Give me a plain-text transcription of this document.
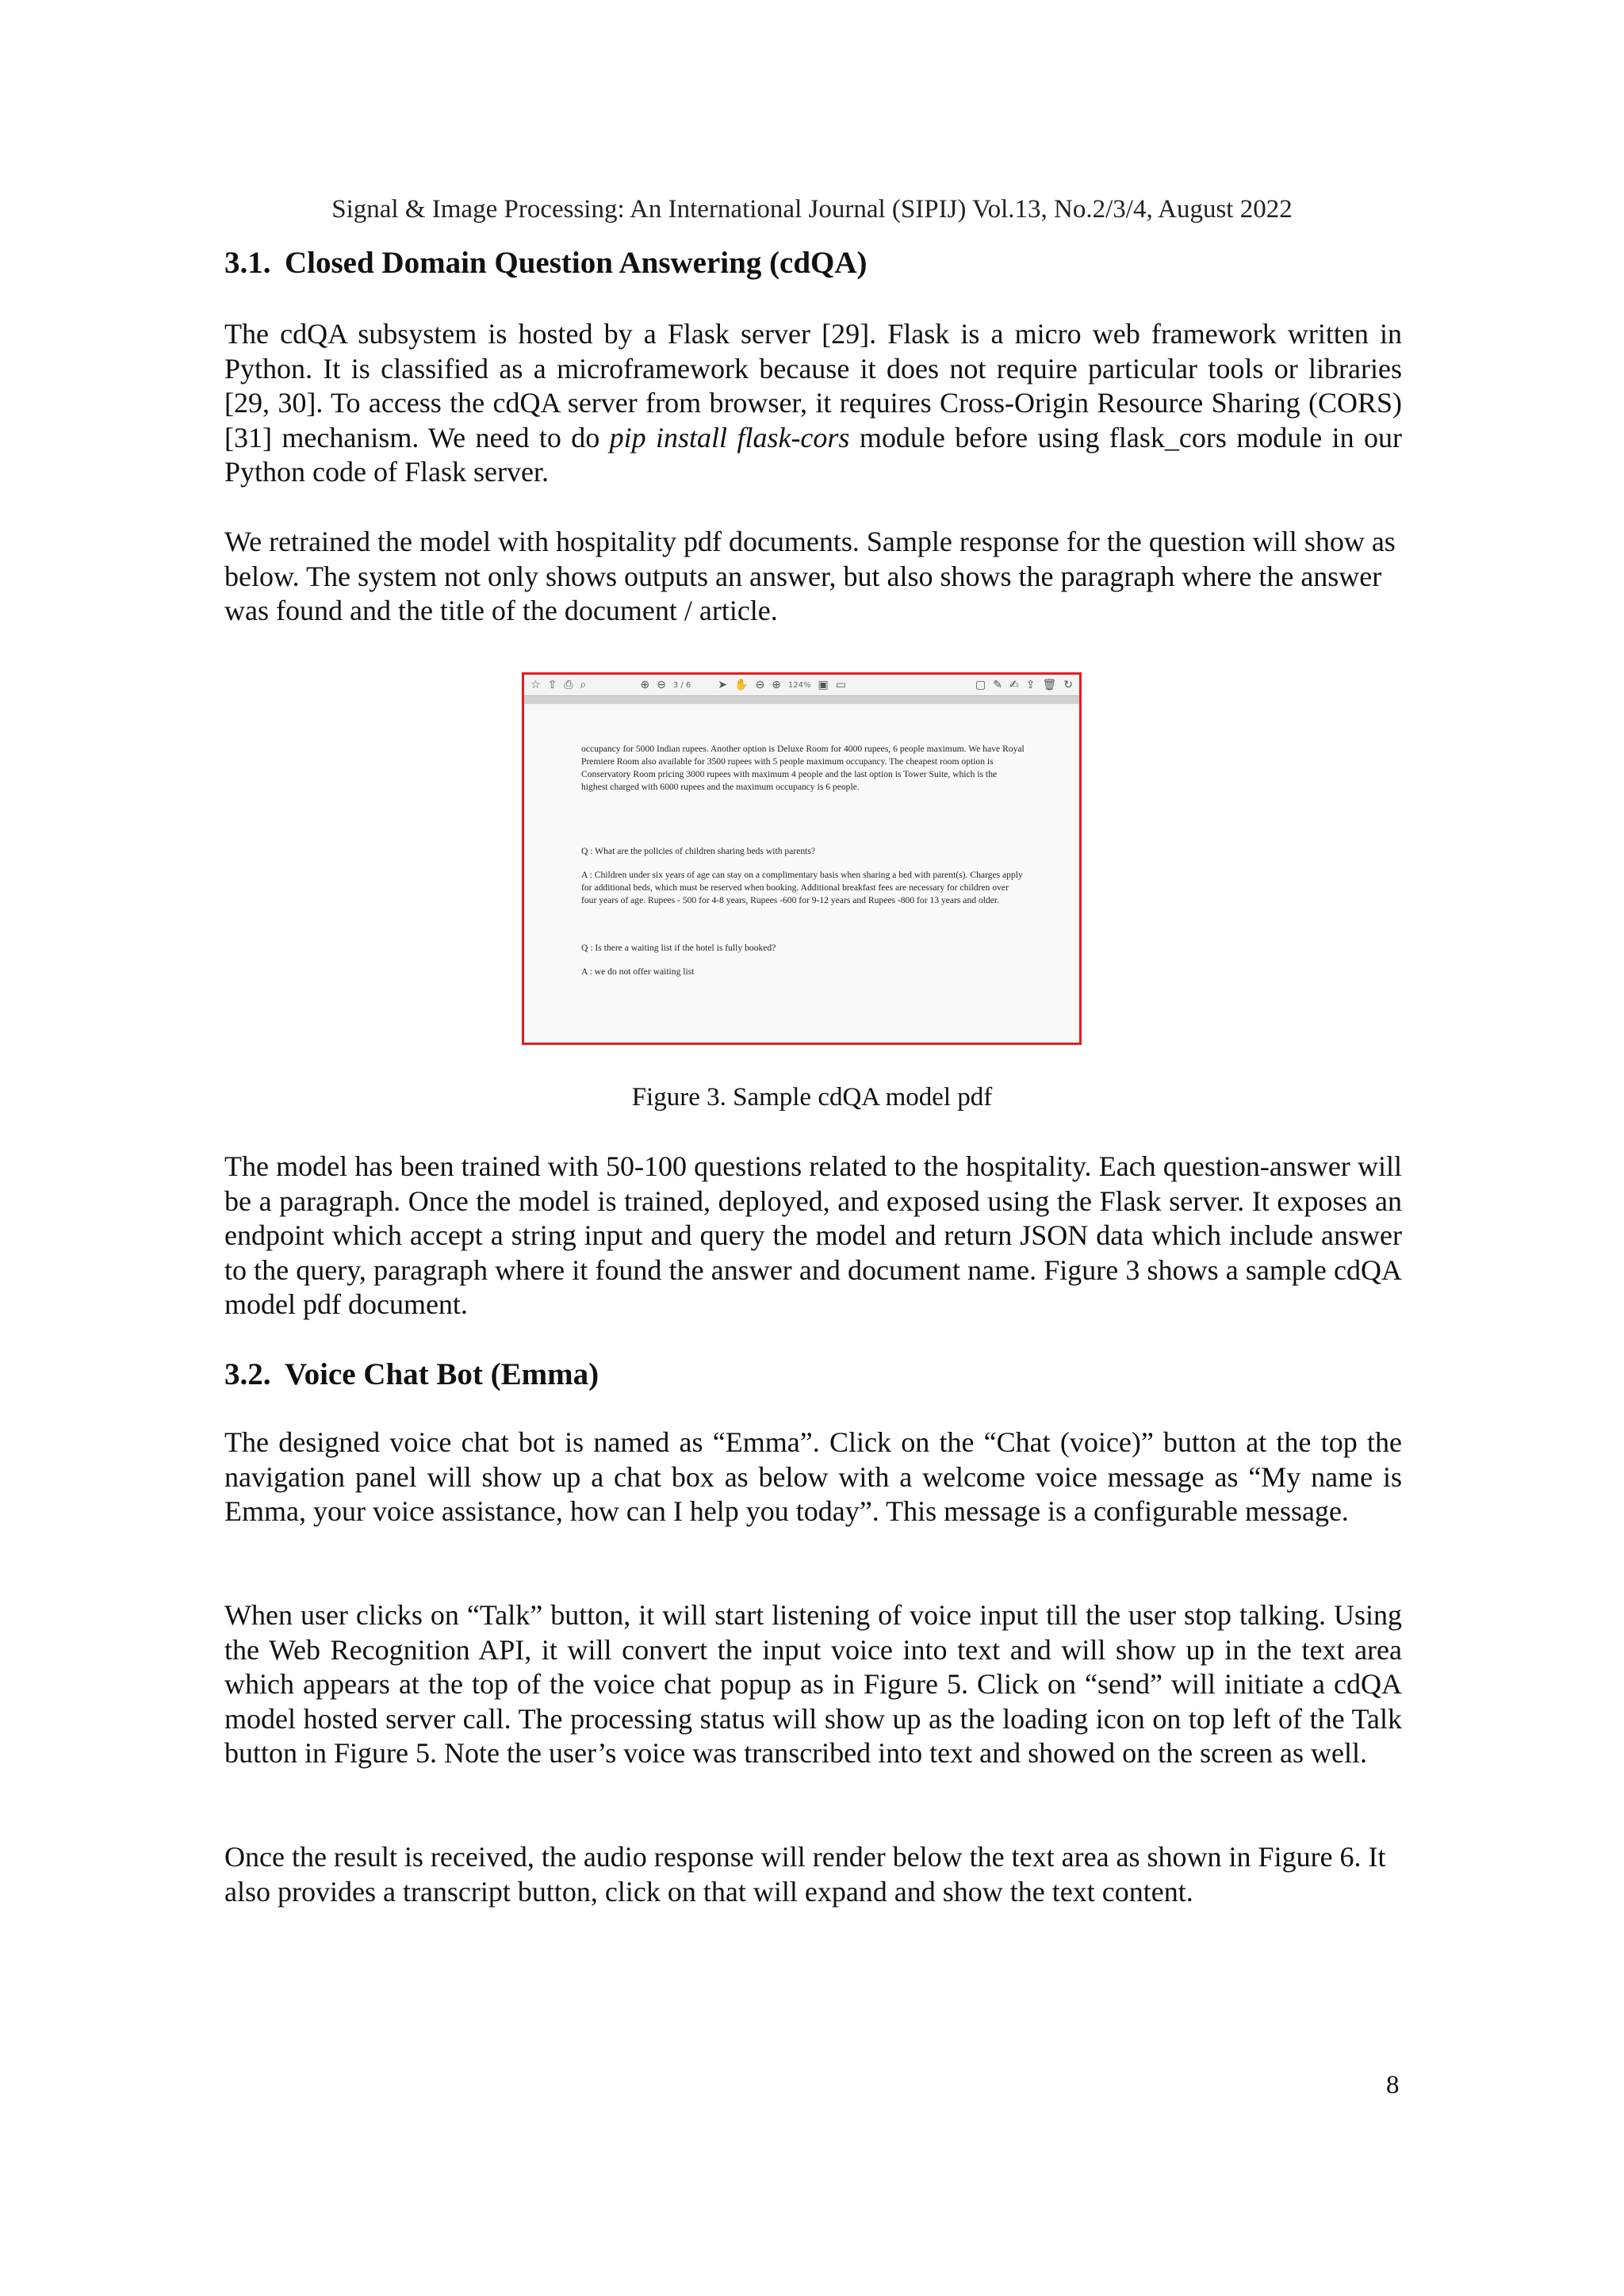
Signal & Image Processing: An International Journal (SIPIJ) Vol.13, No.2/3/4, August 2022
3.1. Closed Domain Question Answering (cdQA)

The cdQA subsystem is hosted by a Flask server [29]. Flask is a micro web framework written in Python. It is classified as a microframework because it does not require particular tools or libraries [29, 30]. To access the cdQA server from browser, it requires Cross-Origin Resource Sharing (CORS) [31] mechanism. We need to do pip install flask-cors module before using flask_cors module in our Python code of Flask server.

We retrained the model with hospitality pdf documents. Sample response for the question will show as below. The system not only shows outputs an answer, but also shows the paragraph where the answer was found and the title of the document / article.

☆ ⇧ ⎙ ⌕	⊕ ⊖ 3 / 6 ➤ ✋ ⊖ ⊕ 124% ▣ ▭	▢ ✎ ✍ ⇪ 🗑 ↻
occupancy for 5000 Indian rupees. Another option is Deluxe Room for 4000 rupees, 6 people maximum. We have Royal Premiere Room also available for 3500 rupees with 5 people maximum occupancy. The cheapest room option is Conservatory Room pricing 3000 rupees with maximum 4 people and the last option is Tower Suite, which is the highest charged with 6000 rupees and the maximum occupancy is 6 people.
Q : What are the policies of children sharing beds with parents?
A : Children under six years of age can stay on a complimentary basis when sharing a bed with parent(s). Charges apply for additional beds, which must be reserved when booking. Additional breakfast fees are necessary for children over four years of age. Rupees - 500 for 4-8 years, Rupees -600 for 9-12 years and Rupees -800 for 13 years and older.
Q : Is there a waiting list if the hotel is fully booked?
A : we do not offer waiting list
Figure 3. Sample cdQA model pdf

The model has been trained with 50-100 questions related to the hospitality. Each question-answer will be a paragraph. Once the model is trained, deployed, and exposed using the Flask server. It exposes an endpoint which accept a string input and query the model and return JSON data which include answer to the query, paragraph where it found the answer and document name. Figure 3 shows a sample cdQA model pdf document.

3.2. Voice Chat Bot (Emma)

The designed voice chat bot is named as “Emma”. Click on the “Chat (voice)” button at the top the navigation panel will show up a chat box as below with a welcome voice message as “My name is Emma, your voice assistance, how can I help you today”. This message is a configurable message.

When user clicks on “Talk” button, it will start listening of voice input till the user stop talking. Using the Web Recognition API, it will convert the input voice into text and will show up in the text area which appears at the top of the voice chat popup as in Figure 5. Click on “send” will initiate a cdQA model hosted server call. The processing status will show up as the loading icon on top left of the Talk button in Figure 5. Note the user’s voice was transcribed into text and showed on the screen as well.

Once the result is received, the audio response will render below the text area as shown in Figure 6. It also provides a transcript button, click on that will expand and show the text content.

8
